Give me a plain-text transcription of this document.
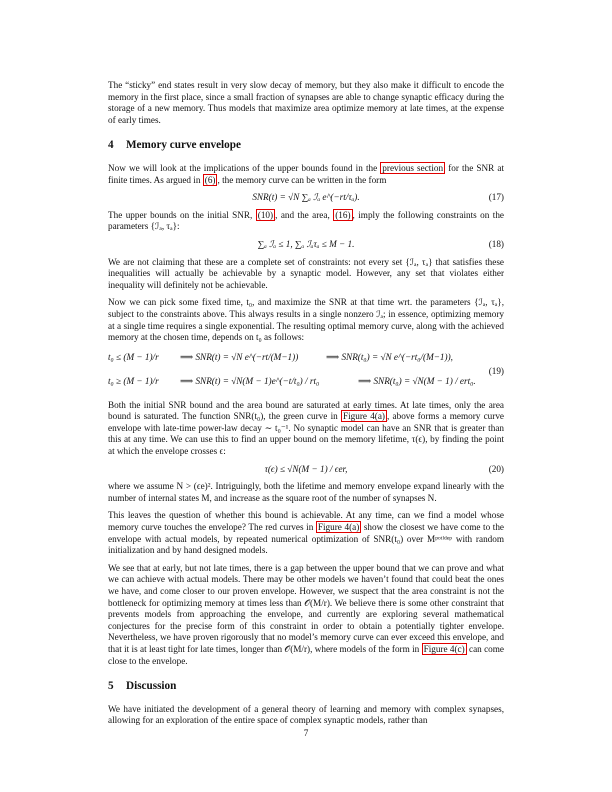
The “sticky” end states result in very slow decay of memory, but they also make it difficult to encode the memory in the first place, since a small fraction of synapses are able to change synaptic efficacy during the storage of a new memory. Thus models that maximize area optimize memory at late times, at the expense of early times.

4 Memory curve envelope

Now we will look at the implications of the upper bounds found in the previous section for the SNR at finite times. As argued in (6) , the memory curve can be written in the form

SNR(t) = √N ∑ₐ ℐₐ e^(−rt/τₐ).	(17)

The upper bounds on the initial SNR, (10) , and the area, (16) , imply the following constraints on the parameters {ℐₐ, τₐ}:

∑ₐ ℐₐ ≤ 1, ∑ₐ ℐₐτₐ ≤ M − 1.	(18)

We are not claiming that these are a complete set of constraints: not every set {ℐₐ, τₐ} that satisfies these inequalities will actually be achievable by a synaptic model. However, any set that violates either inequality will definitely not be achievable.

Now we can pick some fixed time, t₀, and maximize the SNR at that time wrt. the parameters {ℐₐ, τₐ}, subject to the constraints above. This always results in a single nonzero ℐₐ; in essence, optimizing memory at a single time requires a single exponential. The resulting optimal memory curve, along with the achieved memory at the chosen time, depends on t₀ as follows:

t₀ ≤ (M − 1)/r ⟹ SNR(t) = √N e^(−rt/(M−1))	⟹ SNR(t₀) = √N e^(−rt₀/(M−1)),
t₀ ≥ (M − 1)/r ⟹ SNR(t) = √N(M − 1)e^(−t/t₀) / rt₀	⟹ SNR(t₀) = √N(M − 1) / ert₀.
(19)

Both the initial SNR bound and the area bound are saturated at early times. At late times, only the area bound is saturated. The function SNR(t₀), the green curve in Figure 4(a) , above forms a memory curve envelope with late-time power-law decay ∼ t₀⁻¹. No synaptic model can have an SNR that is greater than this at any time. We can use this to find an upper bound on the memory lifetime, τ(ϵ), by finding the point at which the envelope crosses ϵ:

τ(ϵ) ≤ √N(M − 1) / ϵer,	(20)

where we assume N > (ϵe)². Intriguingly, both the lifetime and memory envelope expand linearly with the number of internal states M, and increase as the square root of the number of synapses N.

This leaves the question of whether this bound is achievable. At any time, can we find a model whose memory curve touches the envelope? The red curves in Figure 4(a) show the closest we have come to the envelope with actual models, by repeated numerical optimization of SNR(t₀) over Mᵖᵒᵗˡᵈᵉᵖ with random initialization and by hand designed models.

We see that at early, but not late times, there is a gap between the upper bound that we can prove and what we can achieve with actual models. There may be other models we haven’t found that could beat the ones we have, and come closer to our proven envelope. However, we suspect that the area constraint is not the bottleneck for optimizing memory at times less than 𝒪(M/r). We believe there is some other constraint that prevents models from approaching the envelope, and currently are exploring several mathematical conjectures for the precise form of this constraint in order to obtain a potentially tighter envelope. Nevertheless, we have proven rigorously that no model’s memory curve can ever exceed this envelope, and that it is at least tight for late times, longer than 𝒪(M/r), where models of the form in Figure 4(c) can come close to the envelope.

5 Discussion

We have initiated the development of a general theory of learning and memory with complex synapses, allowing for an exploration of the entire space of complex synaptic models, rather than

7
